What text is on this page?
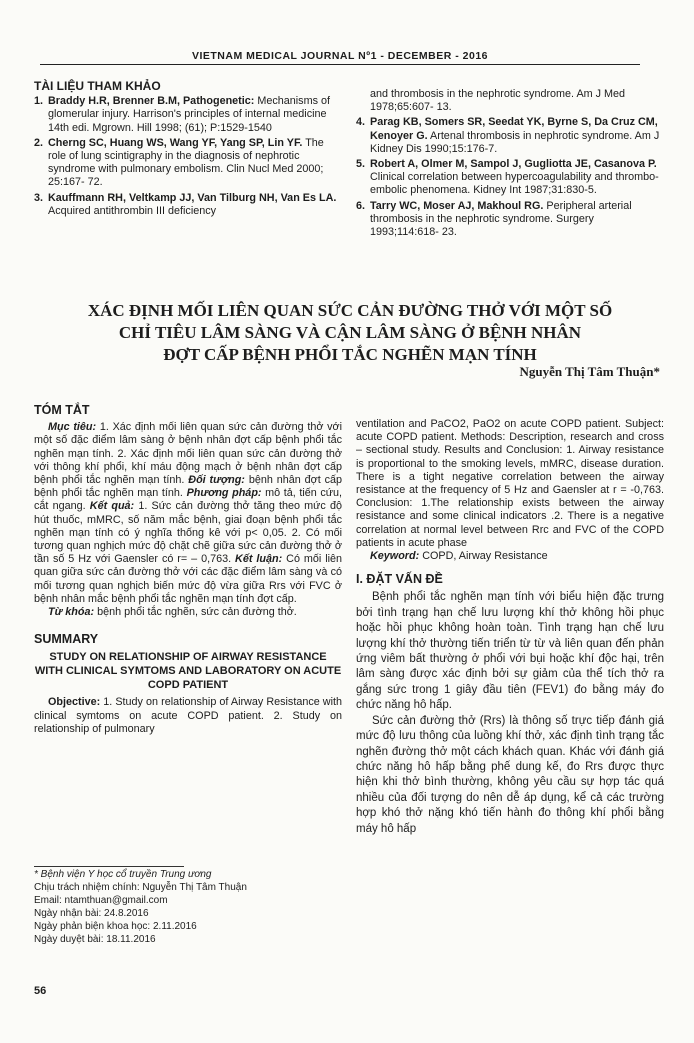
VIETNAM MEDICAL JOURNAL Nº1 - DECEMBER - 2016
TÀI LIỆU THAM KHẢO
1. Braddy H.R, Brenner B.M, Pathogenetic: Mechanisms of glomerular injury. Harrison's principles of internal medicine 14th edi. Mgrown. Hill 1998; (61); P:1529-1540
2. Cherng SC, Huang WS, Wang YF, Yang SP, Lin YF. The role of lung scintigraphy in the diagnosis of nephrotic syndrome with pulmonary embolism. Clin Nucl Med 2000; 25:167- 72.
3. Kauffmann RH, Veltkamp JJ, Van Tilburg NH, Van Es LA. Acquired antithrombin III deficiency
and thrombosis in the nephrotic syndrome. Am J Med 1978;65:607- 13.
4. Parag KB, Somers SR, Seedat YK, Byrne S, Da Cruz CM, Kenoyer G. Artenal thrombosis in nephrotic syndrome. Am J Kidney Dis 1990;15:176-7.
5. Robert A, Olmer M, Sampol J, Gugliotta JE, Casanova P. Clinical correlation between hypercoagulability and thrombo-embolic phenomena. Kidney Int 1987;31:830-5.
6. Tarry WC, Moser AJ, Makhoul RG. Peripheral arterial thrombosis in the nephrotic syndrome. Surgery 1993;114:618- 23.
XÁC ĐỊNH MỐI LIÊN QUAN SỨC CẢN ĐƯỜNG THỞ VỚI MỘT SỐ
CHỈ TIÊU LÂM SÀNG VÀ CẬN LÂM SÀNG Ở BỆNH NHÂN
ĐỢT CẤP BỆNH PHỔI TẮC NGHẼN MẠN TÍNH
Nguyễn Thị Tâm Thuận*
TÓM TẮT
Mục tiêu: 1. Xác định mối liên quan sức cản đường thở với một số đặc điểm lâm sàng ở bệnh nhân đợt cấp bệnh phổi tắc nghẽn mạn tính. 2. Xác định mối liên quan sức cản đường thở với thông khí phổi, khí máu động mạch ở bệnh nhân đợt cấp bệnh phổi tắc nghẽn mạn tính. Đối tượng: bệnh nhân đợt cấp bệnh phổi tắc nghẽn mạn tính. Phương pháp: mô tả, tiến cứu, cắt ngang. Kết quả: 1. Sức cản đường thở tăng theo mức độ hút thuốc, mMRC, số năm mắc bệnh, giai đoạn bệnh phổi tắc nghẽn mạn tính có ý nghĩa thống kê với p< 0,05. 2. Có mối tương quan nghịch mức độ chặt chẽ giữa sức cản đường thở ở tần số 5 Hz với Gaensler có r= – 0,763. Kết luận: Có mối liên quan giữa sức cản đường thở với các đặc điểm lâm sàng và có mối tương quan nghịch biến mức độ vừa giữa Rrs với FVC ở bệnh nhân mắc bệnh phổi tắc nghẽn mạn tính đợt cấp.
Từ khóa: bệnh phổi tắc nghẽn, sức cản đường thở.
SUMMARY
STUDY ON RELATIONSHIP OF AIRWAY RESISTANCE WITH CLINICAL SYMTOMS AND LABORATORY ON ACUTE COPD PATIENT
Objective: 1. Study on relationship of Airway Resistance with clinical symtoms on acute COPD patient. 2. Study on relationship of pulmonary
ventilation and PaCO2, PaO2 on acute COPD patient. Subject: acute COPD patient. Methods: Description, research and cross – sectional study. Results and Conclusion: 1. Airway resistance is proportional to the smoking levels, mMRC, disease duration. There is a tight negative correlation between the airway resistance at the frequency of 5 Hz and Gaensler at r = -0,763. Conclusion: 1.The relationship exists between the airway resistance and some clinical indicators .2. There is a negative correlation at normal level between Rrc and FVC of the COPD patients in acute phase
Keyword: COPD, Airway Resistance
I. ĐẶT VẤN ĐỀ
Bệnh phổi tắc nghẽn mạn tính với biểu hiện đặc trưng bởi tình trạng hạn chế lưu lượng khí thở không hồi phục hoặc hồi phục không hoàn toàn. Tình trạng hạn chế lưu lượng khí thở thường tiến triển từ từ và liên quan đến phản ứng viêm bất thường ở phổi với bụi hoặc khí độc hại, trên lâm sàng được xác định bởi sự giảm của thể tích thở ra gắng sức trong 1 giây đầu tiên (FEV1) đo bằng máy đo chức năng hô hấp.
Sức cản đường thở (Rrs) là thông số trực tiếp đánh giá mức độ lưu thông của luồng khí thở, xác định tình trạng tắc nghẽn đường thở một cách khách quan. Khác với đánh giá chức năng hô hấp bằng phế dung kế, đo Rrs được thực hiện khi thở bình thường, không yêu cầu sự hợp tác quá nhiều của đối tượng do nên dễ áp dụng, kể cả các trường hợp khó thở nặng khó tiến hành đo thông khí phổi bằng máy hô hấp
* Bệnh viện Y học cổ truyền Trung ương
Chịu trách nhiệm chính: Nguyễn Thị Tâm Thuận
Email: ntamthuan@gmail.com
Ngày nhận bài: 24.8.2016
Ngày phản biện khoa học: 2.11.2016
Ngày duyệt bài: 18.11.2016
56
